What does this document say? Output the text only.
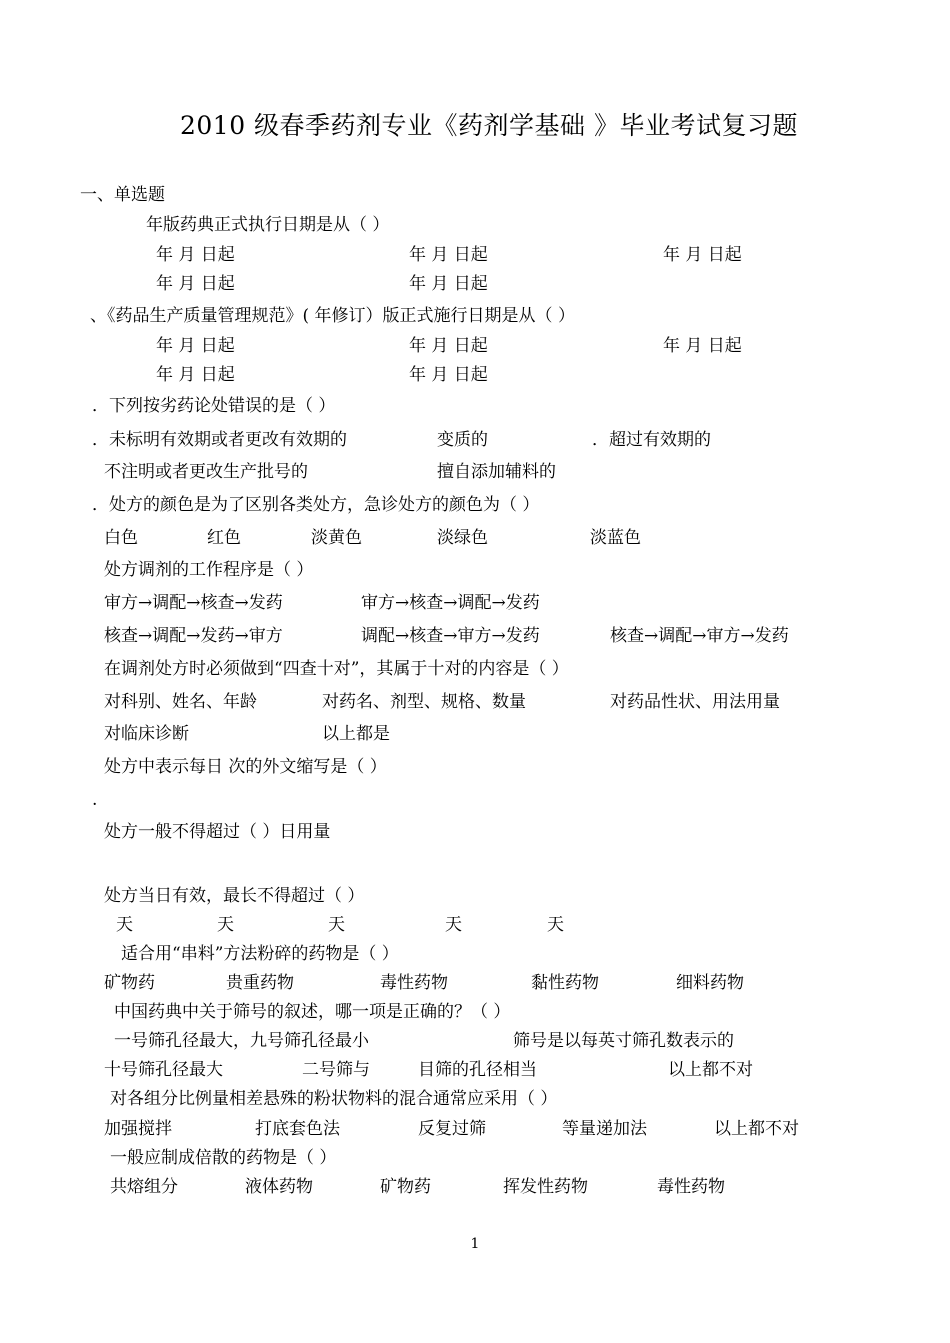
2010 级春季药剂专业《药剂学基础 》毕业考试复习题
一、单选题
年版药典正式执行日期是从（ ）
年 月 日起	年 月 日起	年 月 日起
年 月 日起	年 月 日起
、《药品生产质量管理规范》( 年修订）版正式施行日期是从（ ）
年 月 日起	年 月 日起	年 月 日起
年 月 日起	年 月 日起
．下列按劣药论处错误的是（ ）
．未标明有效期或者更改有效期的	变质的	．超过有效期的
不注明或者更改生产批号的	擅自添加辅料的
．处方的颜色是为了区别各类处方，急诊处方的颜色为（ ）
白色	红色	淡黄色	淡绿色	淡蓝色
处方调剂的工作程序是（ ）
审方→调配→核查→发药	审方→核查→调配→发药
核查→调配→发药→审方	调配→核查→审方→发药	核查→调配→审方→发药
在调剂处方时必须做到“四查十对”，其属于十对的内容是（ ）
对科别、姓名、年龄	对药名、剂型、规格、数量	对药品性状、用法用量
对临床诊断	以上都是
处方中表示每日 次的外文缩写是（ ）
.
处方一般不得超过（ ）日用量
处方当日有效，最长不得超过（ ）
天	天	天	天	天
适合用“串料”方法粉碎的药物是（ ）
矿物药	贵重药物	毒性药物	黏性药物	细料药物
中国药典中关于筛号的叙述，哪一项是正确的？（ ）
一号筛孔径最大，九号筛孔径最小	筛号是以每英寸筛孔数表示的
十号筛孔径最大	二号筛与	目筛的孔径相当	以上都不对
对各组分比例量相差悬殊的粉状物料的混合通常应采用（ ）
加强搅拌	打底套色法	反复过筛	等量递加法	以上都不对
一般应制成倍散的药物是（ ）
共熔组分	液体药物	矿物药	挥发性药物	毒性药物
1
